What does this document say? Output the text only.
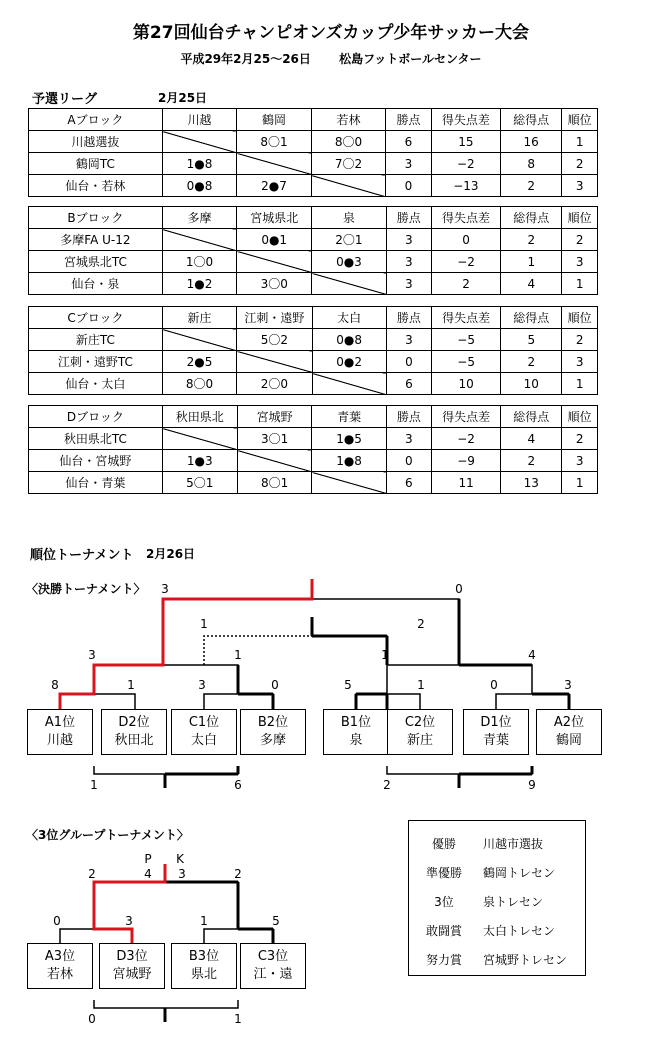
第27回仙台チャンピオンズカップ少年サッカー大会
平成29年2月25～26日 松島フットボールセンター
予選リーグ	2月25日
Aブロック	川越	鶴岡	若林	勝点	得失点差	総得点	順位
川越選抜		8〇1	8〇0	6	15	16	1
鶴岡TC	1●8		7〇2	3	−2	8	2
仙台・若林	0●8	2●7		0	−13	2	3
Bブロック	多摩	宮城県北	泉	勝点	得失点差	総得点	順位
多摩FA U-12		0●1	2〇1	3	0	2	2
宮城県北TC	1〇0		0●3	3	−2	1	3
仙台・泉	1●2	3〇0		3	2	4	1
Cブロック	新庄	江刺・遠野	太白	勝点	得失点差	総得点	順位
新庄TC		5〇2	0●8	3	−5	5	2
江刺・遠野TC	2●5		0●2	0	−5	2	3
仙台・太白	8〇0	2〇0		6	10	10	1
Dブロック	秋田県北	宮城野	青葉	勝点	得失点差	総得点	順位
秋田県北TC		3〇1	1●5	3	−2	4	2
仙台・宮城野	1●3		1●8	0	−9	2	3
仙台・青葉	5〇1	8〇1		6	11	13	1
順位トーナメント 2月26日
〈決勝トーナメント〉
〈3位グループトーナメント〉
A1位
川越
D2位
秋田北
C1位
太白
B2位
多摩
B1位
泉
C2位
新庄
D1位
青葉
A2位
鶴岡
A3位
若林
D3位
宮城野
B3位
県北
C3位
江・遠
8	1	3	0	5	1	0	3
3	1	1	4
3	0
1	2
1	6	2	9
P	K
0	3	1	5
2	4	3	2
0	1
優勝	川越市選抜
準優勝	鶴岡トレセン
3位	泉トレセン
敢闘賞	太白トレセン
努力賞	宮城野トレセン
